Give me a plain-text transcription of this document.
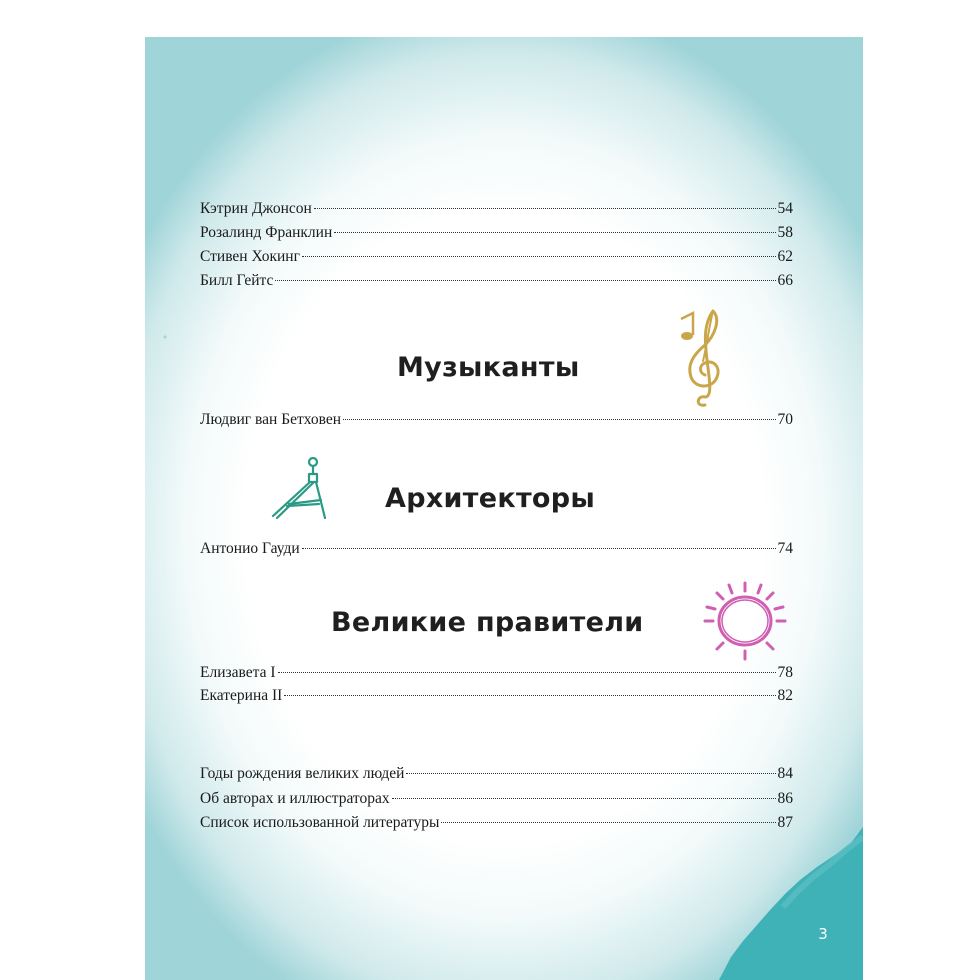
Кэтрин Джонсон	54
Розалинд Франклин	58
Стивен Хокинг	62
Билл Гейтс	66
Музыканты
Людвиг ван Бетховен	70
Архитекторы
Антонио Гауди	74
Великие правители
Елизавета I	78
Екатерина II	82
Годы рождения великих людей	84
Об авторах и иллюстраторах	86
Список использованной литературы	87
3
